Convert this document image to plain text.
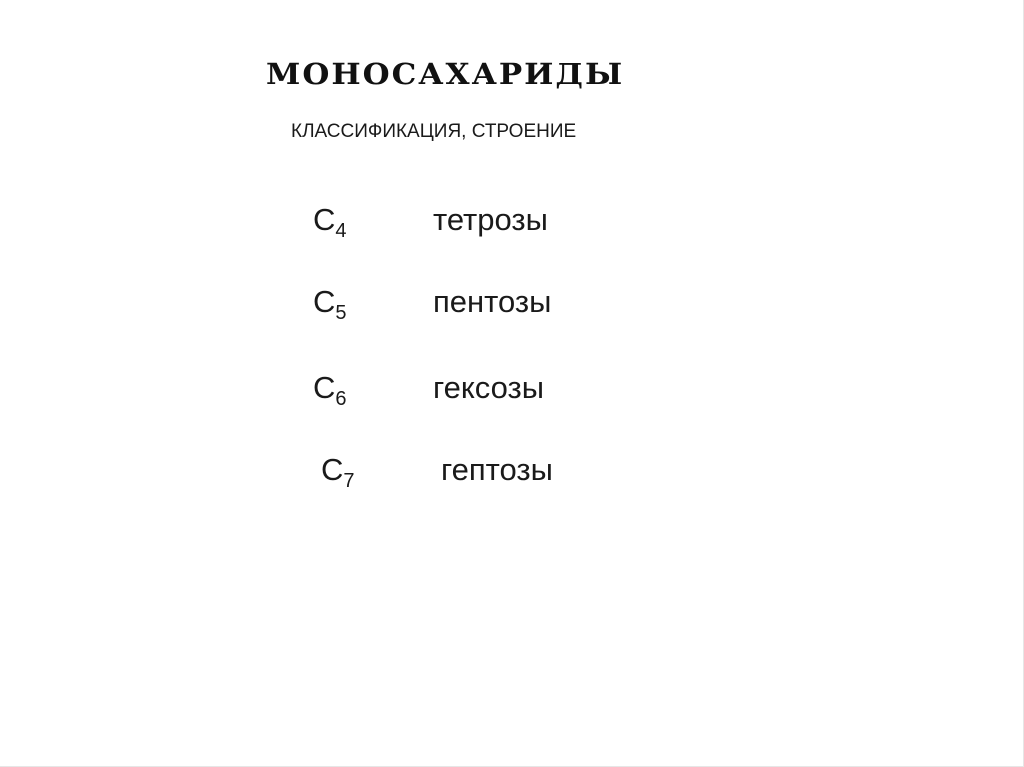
МОНОСАХАРИДЫ
КЛАССИФИКАЦИЯ, СТРОЕНИЕ
$C_4$	тетрозы
$C_5$	пентозы
$C_6$	гексозы
$C_7$	гептозы
